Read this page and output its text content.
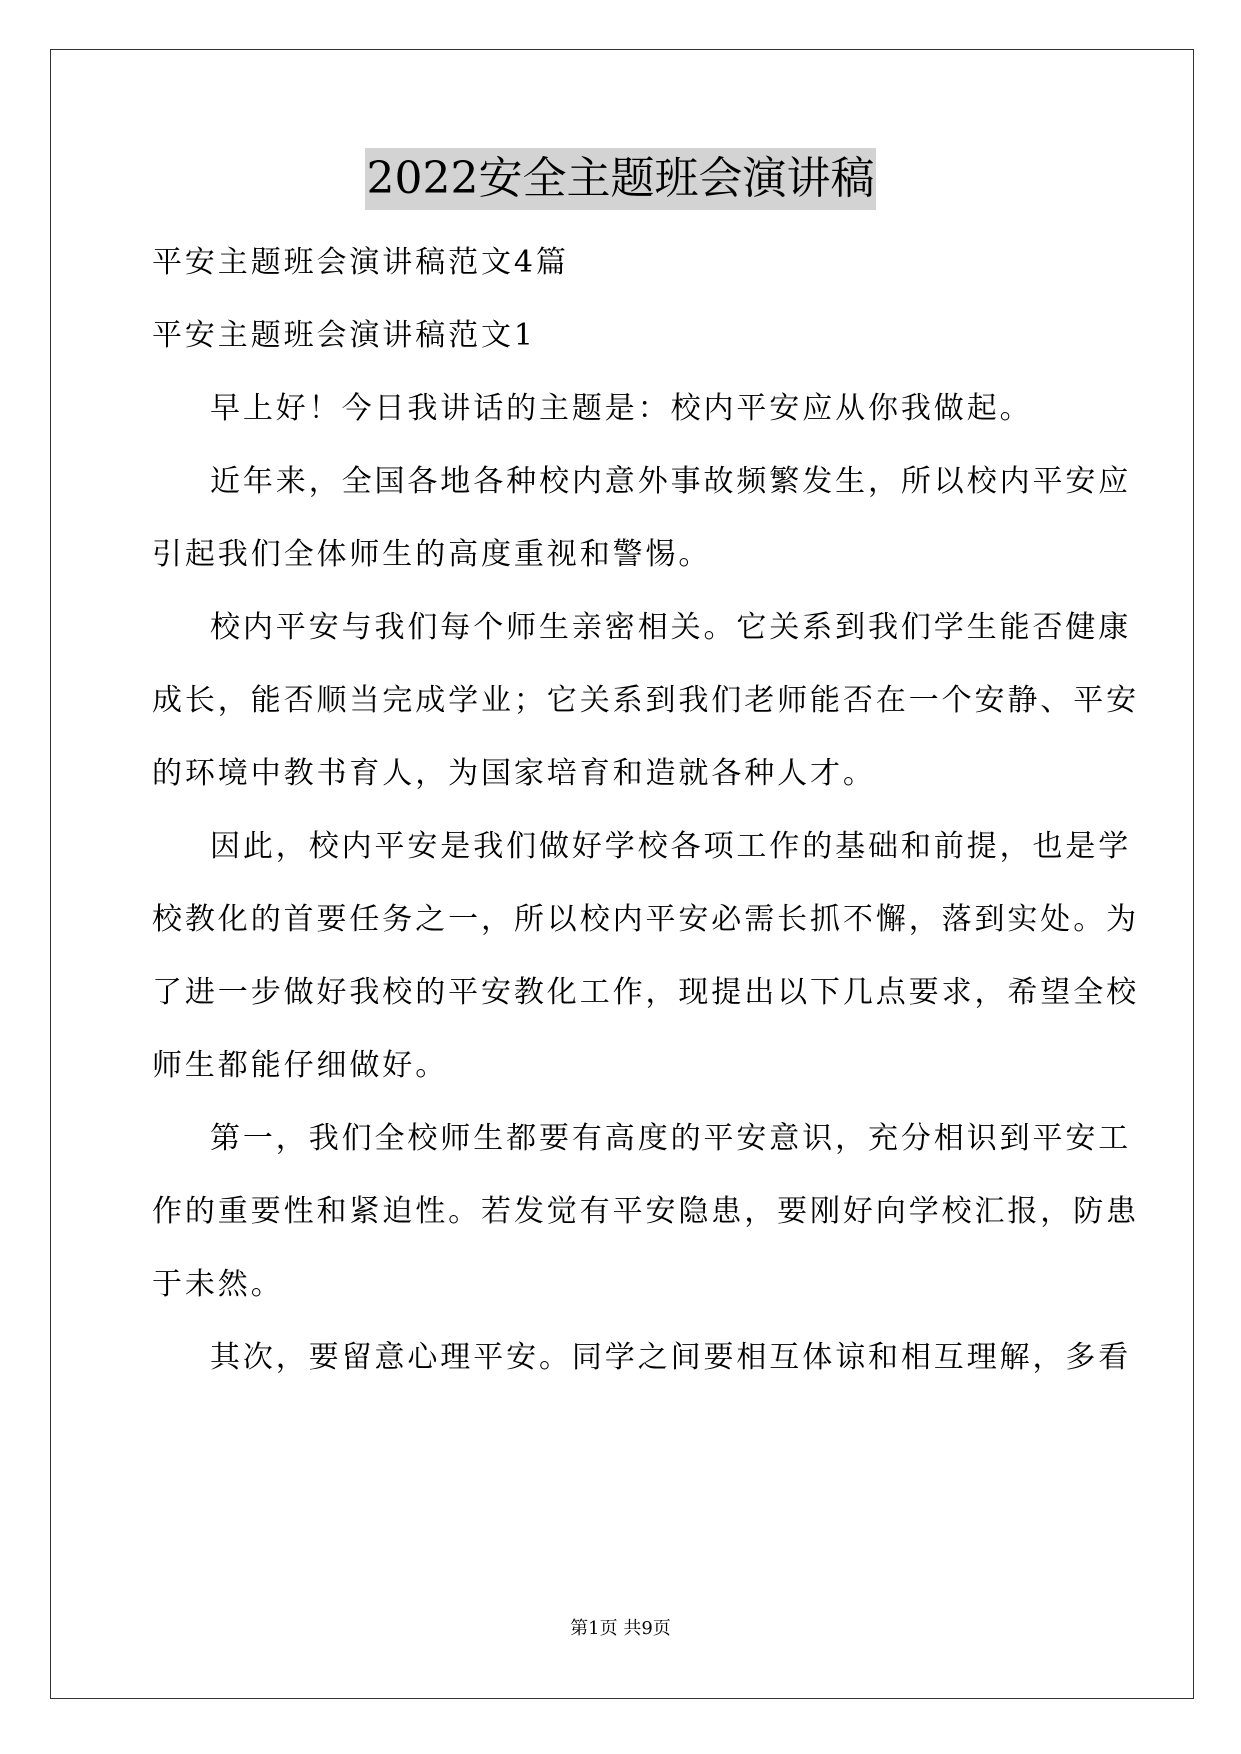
2022安全主题班会演讲稿
平安主题班会演讲稿范文4篇
平安主题班会演讲稿范文1
早上好！今日我讲话的主题是：校内平安应从你我做起。
近年来，全国各地各种校内意外事故频繁发生，所以校内平安应
引起我们全体师生的高度重视和警惕。
校内平安与我们每个师生亲密相关。它关系到我们学生能否健康
成长，能否顺当完成学业；它关系到我们老师能否在一个安静、平安
的环境中教书育人，为国家培育和造就各种人才。
因此，校内平安是我们做好学校各项工作的基础和前提，也是学
校教化的首要任务之一，所以校内平安必需长抓不懈，落到实处。为
了进一步做好我校的平安教化工作，现提出以下几点要求，希望全校
师生都能仔细做好。
第一，我们全校师生都要有高度的平安意识，充分相识到平安工
作的重要性和紧迫性。若发觉有平安隐患，要刚好向学校汇报，防患
于未然。
其次，要留意心理平安。同学之间要相互体谅和相互理解，多看
第1页 共9页
